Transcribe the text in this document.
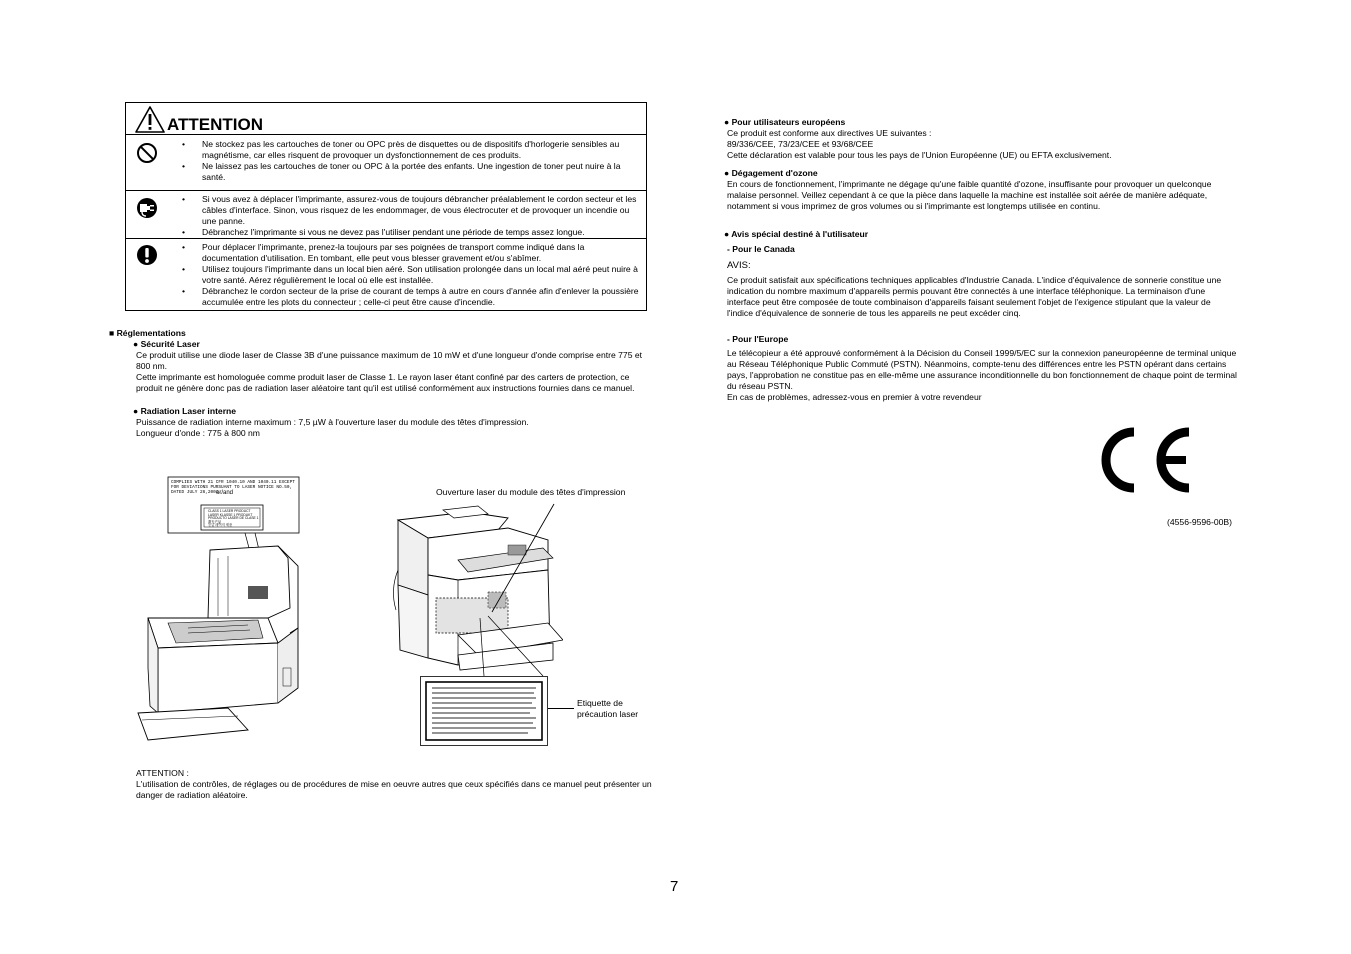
ATTENTION
• Ne stockez pas les cartouches de toner ou OPC près de disquettes ou de dispositifs d'horlogerie sensibles au magnétisme, car elles risquent de provoquer un dysfonctionnement de ces produits.
• Ne laissez pas les cartouches de toner ou OPC à la portée des enfants. Une ingestion de toner peut nuire à la santé.
• Si vous avez à déplacer l'imprimante, assurez-vous de toujours débrancher préalablement le cordon secteur et les câbles d'interface. Sinon, vous risquez de les endommager, de vous électrocuter et de provoquer un incendie ou une panne.
• Débranchez l'imprimante si vous ne devez pas l'utiliser pendant une période de temps assez longue.
• Pour déplacer l'imprimante, prenez-la toujours par ses poignées de transport comme indiqué dans la documentation d'utilisation. En tombant, elle peut vous blesser gravement et/ou s'abîmer.
• Utilisez toujours l'imprimante dans un local bien aéré. Son utilisation prolongée dans un local mal aéré peut nuire à votre santé. Aérez régulièrement le local où elle est installée.
• Débranchez le cordon secteur de la prise de courant de temps à autre en cours d'année afin d'enlever la poussière accumulée entre les plots du connecteur ; celle-ci peut être cause d'incendie.
■ Réglementations
● Sécurité Laser
Ce produit utilise une diode laser de Classe 3B d'une puissance maximum de 10 mW et d'une longueur d'onde comprise entre 775 et 800 nm.
Cette imprimante est homologuée comme produit laser de Classe 1. Le rayon laser étant confiné par des carters de protection, ce produit ne génère donc pas de radiation laser aléatoire tant qu'il est utilisé conformément aux instructions fournies dans ce manuel.
● Radiation Laser interne
Puissance de radiation interne maximum : 7,5 µW à l'ouverture laser du module des têtes d'impression.
Longueur d'onde : 775 à 800 nm
COMPLIES WITH 21 CFR 1040.10 AND 1040.11 EXCEPT FOR DEVIATIONS PURSUANT TO LASER NOTICE NO.50, DATED JULY 26,2001.
or/and
CLASS 1 LASER PRODUCT
LASER KLASSE 1 PRODUKT
PRODUCTO LASER DE CLASE 1
激光产品
등급 레이저 제품
Ouverture laser du module des têtes d'impression
Etiquette de
précaution laser
ATTENTION :
L'utilisation de contrôles, de réglages ou de procédures de mise en oeuvre autres que ceux spécifiés dans ce manuel peut présenter un danger de radiation aléatoire.
● Pour utilisateurs européens
Ce produit est conforme aux directives UE suivantes :
89/336/CEE, 73/23/CEE et 93/68/CEE
Cette déclaration est valable pour tous les pays de l'Union Européenne (UE) ou EFTA exclusivement.
● Dégagement d'ozone
En cours de fonctionnement, l'imprimante ne dégage qu'une faible quantité d'ozone, insuffisante pour provoquer un quelconque malaise personnel. Veillez cependant à ce que la pièce dans laquelle la machine est installée soit aérée de manière adéquate, notamment si vous imprimez de gros volumes ou si l'imprimante est longtemps utilisée en continu.
● Avis spécial destiné à l'utilisateur
- Pour le Canada
AVIS:
Ce produit satisfait aux spécifications techniques applicables d'Industrie Canada. L'indice d'équivalence de sonnerie constitue une indication du nombre maximum d'appareils permis pouvant être connectés à une interface téléphonique. La terminaison d'une interface peut être composée de toute combinaison d'appareils faisant seulement l'objet de l'exigence stipulant que la valeur de l'indice d'équivalence de sonnerie de tous les appareils ne peut excéder cinq.
- Pour l'Europe
Le télécopieur a été approuvé conformément à la Décision du Conseil 1999/5/EC sur la connexion paneuropéenne de terminal unique au Réseau Téléphonique Public Commuté (PSTN). Néanmoins, compte-tenu des différences entre les PSTN opérant dans certains pays, l'approbation ne constitue pas en elle-même une assurance inconditionnelle du bon fonctionnement de chaque point de terminal du réseau PSTN.
En cas de problèmes, adressez-vous en premier à votre revendeur
(4556-9596-00B)
7
